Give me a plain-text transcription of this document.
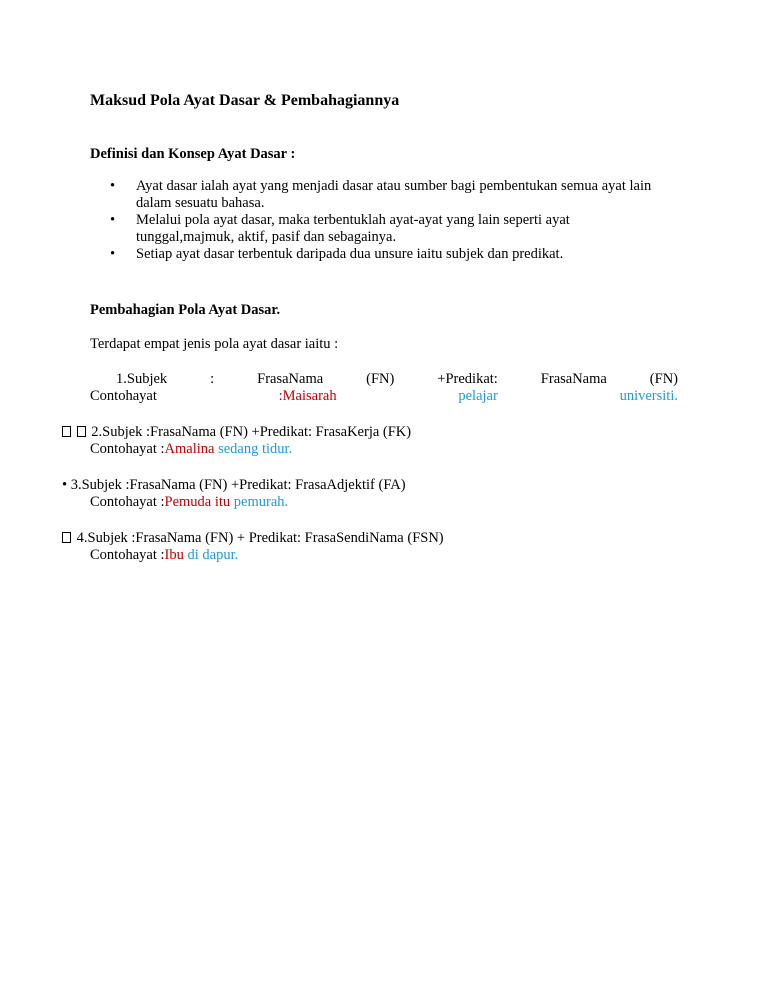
Maksud Pola Ayat Dasar & Pembahagiannya
Definisi dan Konsep Ayat Dasar :
• Ayat dasar ialah ayat yang menjadi dasar atau sumber bagi pembentukan semua ayat lain
dalam sesuatu bahasa.
• Melalui pola ayat dasar, maka terbentuklah ayat-ayat yang lain seperti ayat
tunggal,majmuk, aktif, pasif dan sebagainya.
• Setiap ayat dasar terbentuk daripada dua unsure iaitu subjek dan predikat.
Pembahagian Pola Ayat Dasar.
Terdapat empat jenis pola ayat dasar iaitu :
1.Subjek	:	FrasaNama	(FN)	+Predikat:	FrasaNama	(FN)
Contohayat	:Maisarah	pelajar	universiti.
2.Subjek :FrasaNama (FN) +Predikat: FrasaKerja (FK)
Contohayat :Amalina sedang tidur.
• 3.Subjek :FrasaNama (FN) +Predikat: FrasaAdjektif (FA)
Contohayat :Pemuda itu pemurah.
4.Subjek :FrasaNama (FN) + Predikat: FrasaSendiNama (FSN)
Contohayat :Ibu di dapur.
